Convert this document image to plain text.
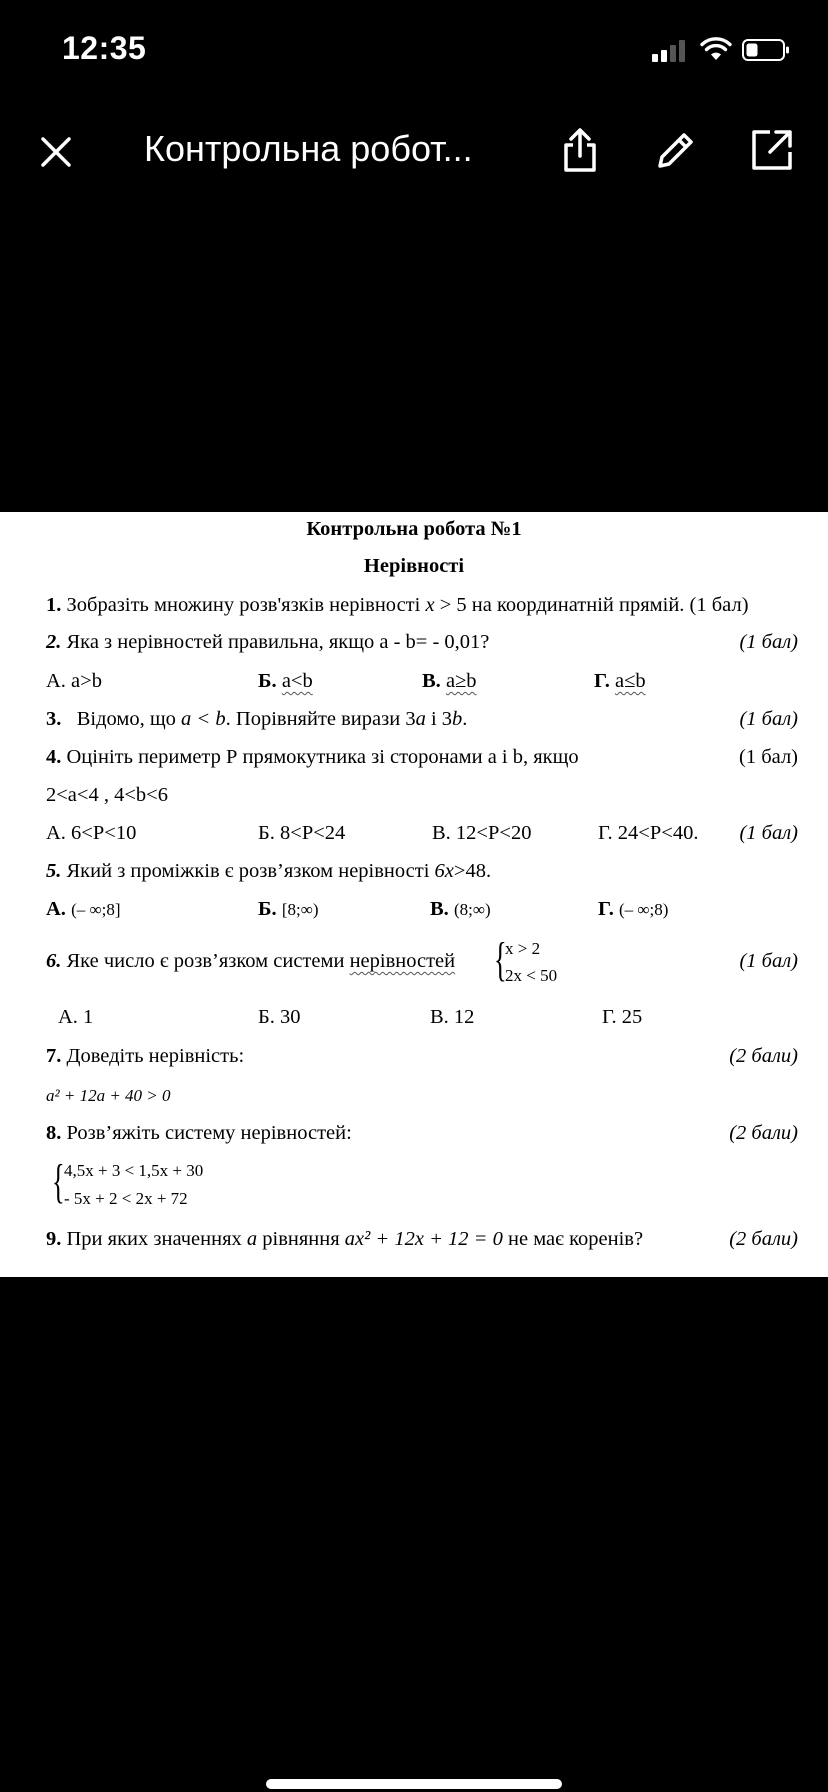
12:35
Контрольна робот...
Контрольна робота №1
Нерівності
1. Зобразіть множину розв'язків нерівності x > 5 на координатній прямій. (1 бал)
2. Яка з нерівностей правильна, якщо a - b= - 0,01?	(1 бал)
А. a>b	Б. a<b	В. a≥b	Г. a≤b
3. Відомо, що a < b. Порівняйте вирази 3a і 3b.	(1 бал)
4. Оцініть периметр Р прямокутника зі сторонами a і b, якщо	(1 бал)
2<a<4 , 4<b<6
А. 6<P<10	Б. 8<P<24	В. 12<P<20	Г. 24<P<40. (1 бал)
5. Який з проміжків є розв’язком нерівності 6x>48.
А. (– ∞;8]	Б. [8;∞)	В. (8;∞)	Г. (– ∞;8)
6. Яке число є розв’язком системи нерівностей {
x > 2
2x < 50
(1 бал)
А. 1	Б. 30	В. 12	Г. 25
7. Доведіть нерівність:	(2 бали)
a² + 12a + 40 > 0
8. Розв’яжіть систему нерівностей:	(2 бали)
{ 4,5x + 3 < 1,5x + 30
- 5x + 2 < 2x + 72
9. При яких значеннях a рівняння ax² + 12x + 12 = 0 не має коренів?	(2 бали)
